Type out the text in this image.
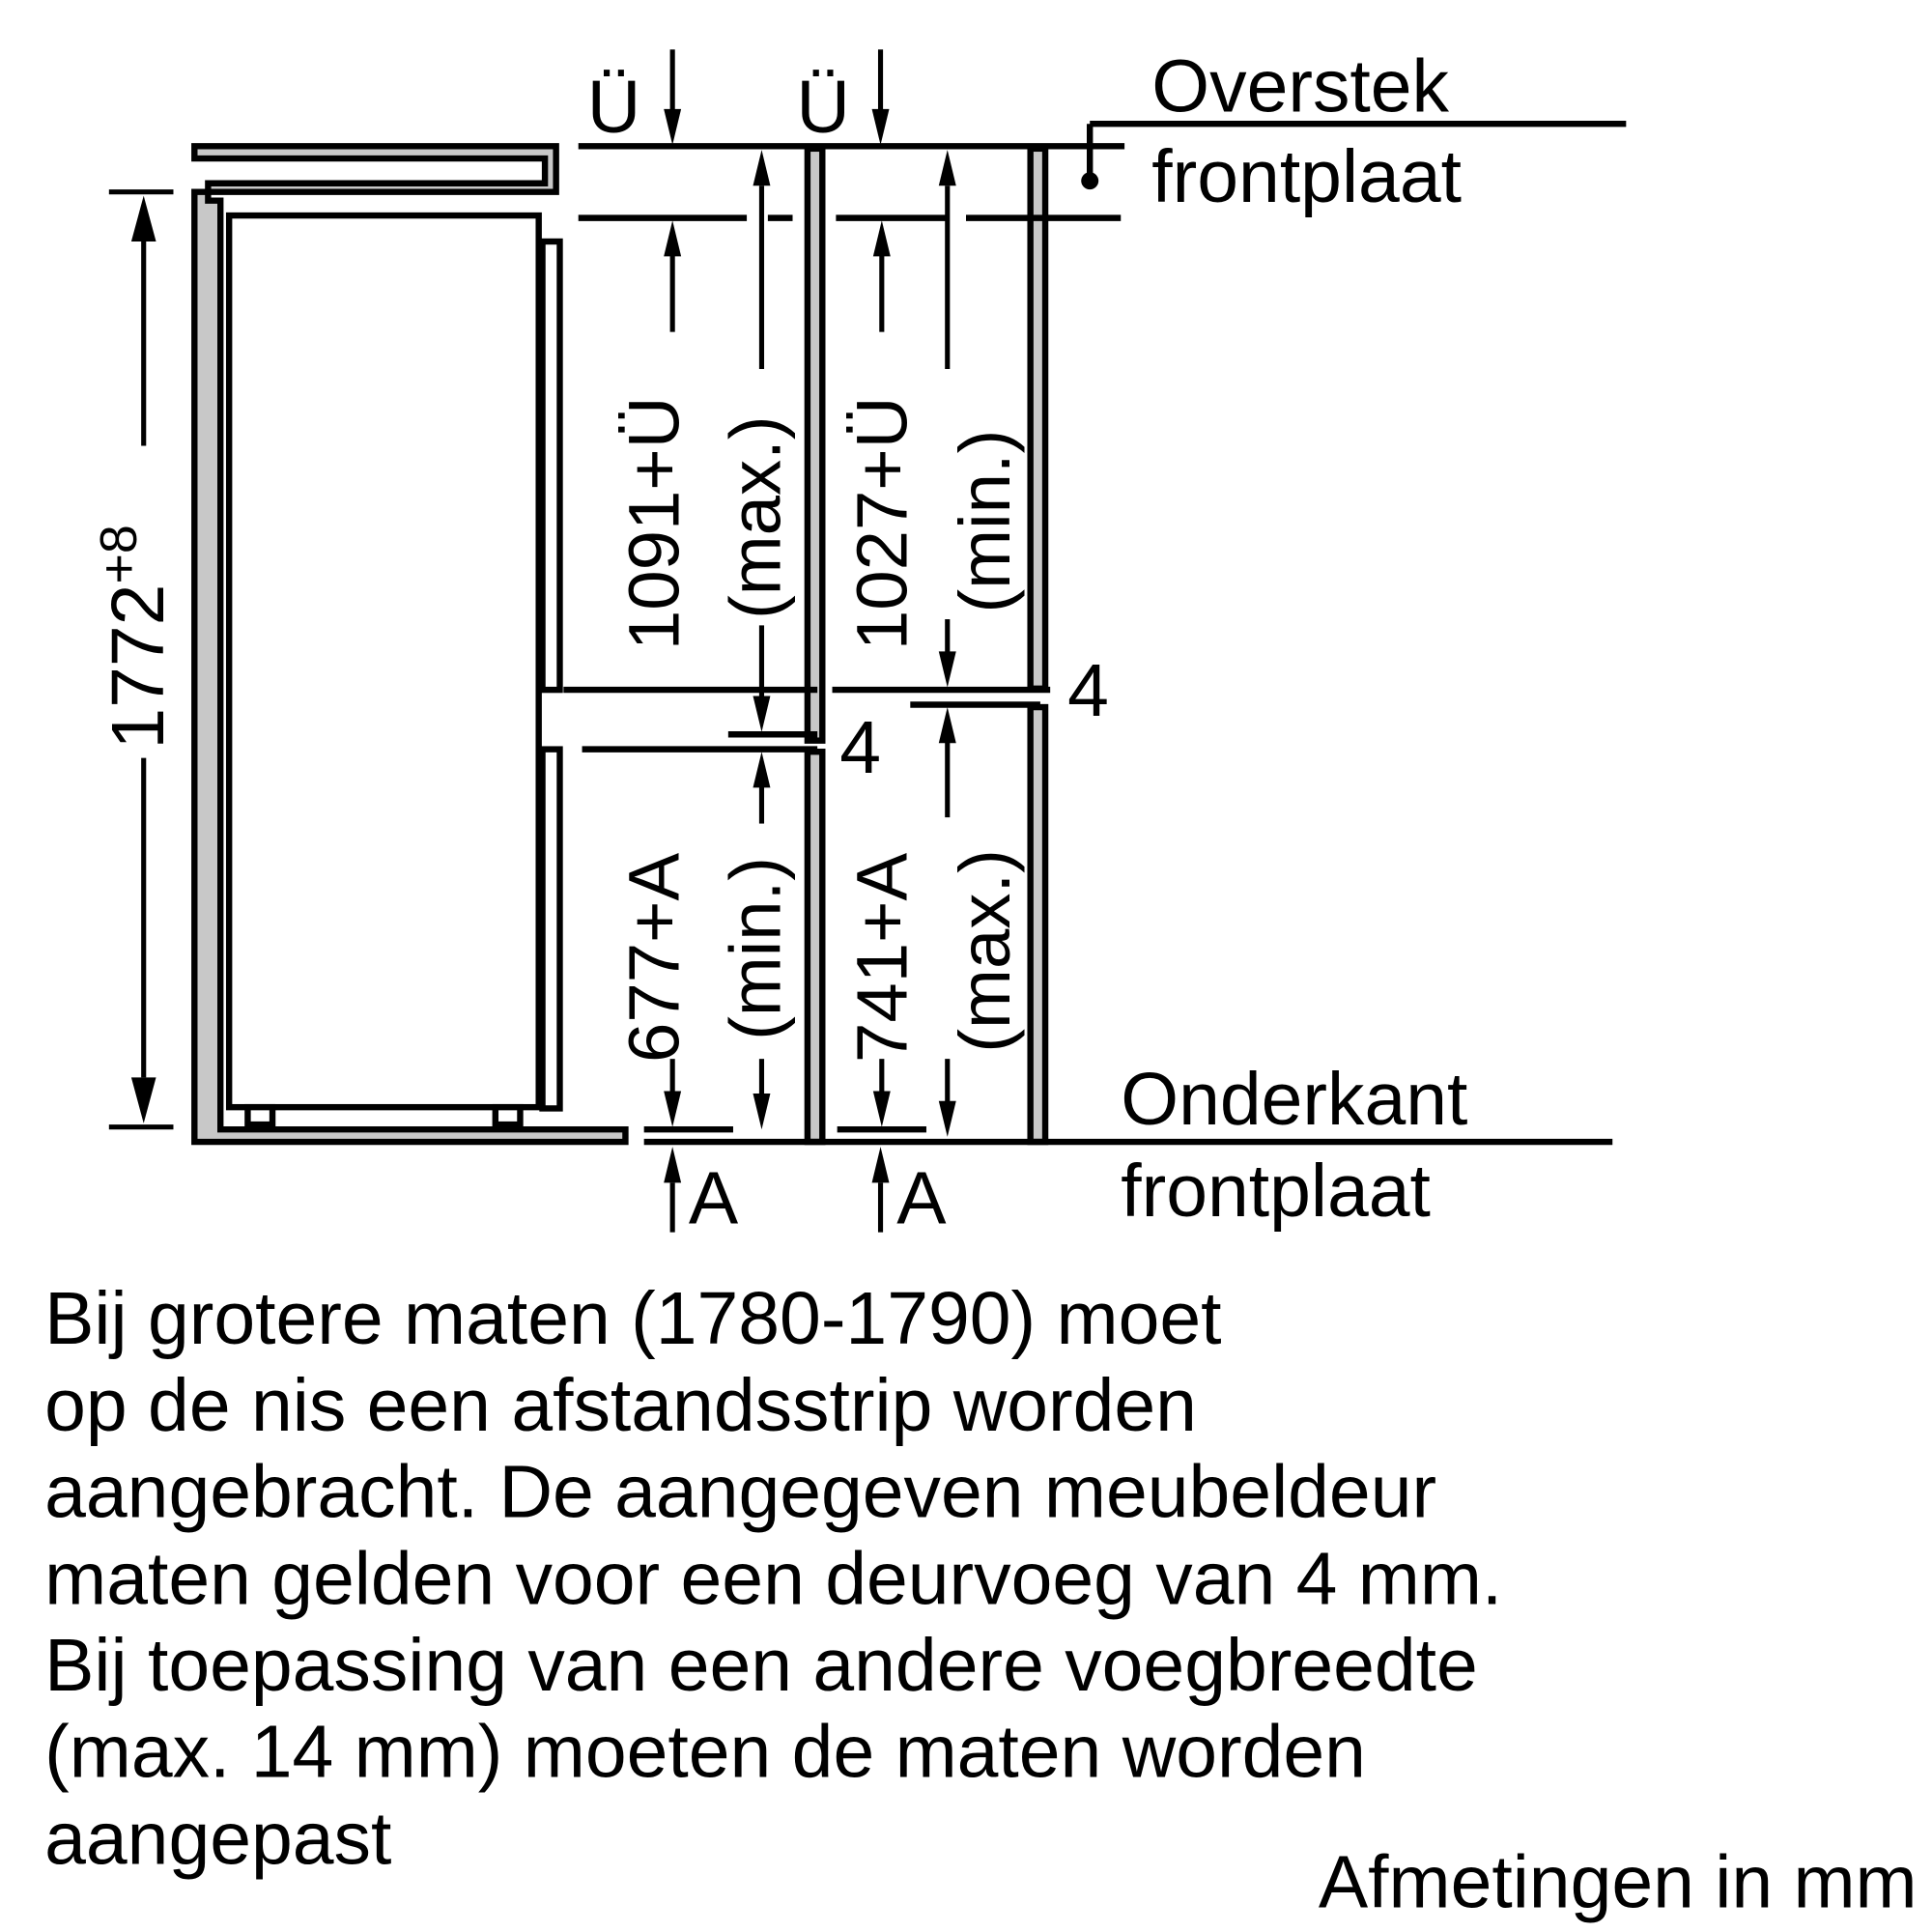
$1772^{+8}$
Ü	Ü	Overstek
frontplaat
Onderkant
frontplaat
1091+Ü (max.) 1027+Ü (min.)
677+A (min.) 741+A (max.)
4
4
A	A
Bij grotere maten (1780-1790) moet
op de nis een afstandsstrip worden
aangebracht. De aangegeven meubeldeur
maten gelden voor een deurvoeg van 4 mm.
Bij toepassing van een andere voegbreedte
(max. 14 mm) moeten de maten worden
aangepast
Afmetingen in mm
